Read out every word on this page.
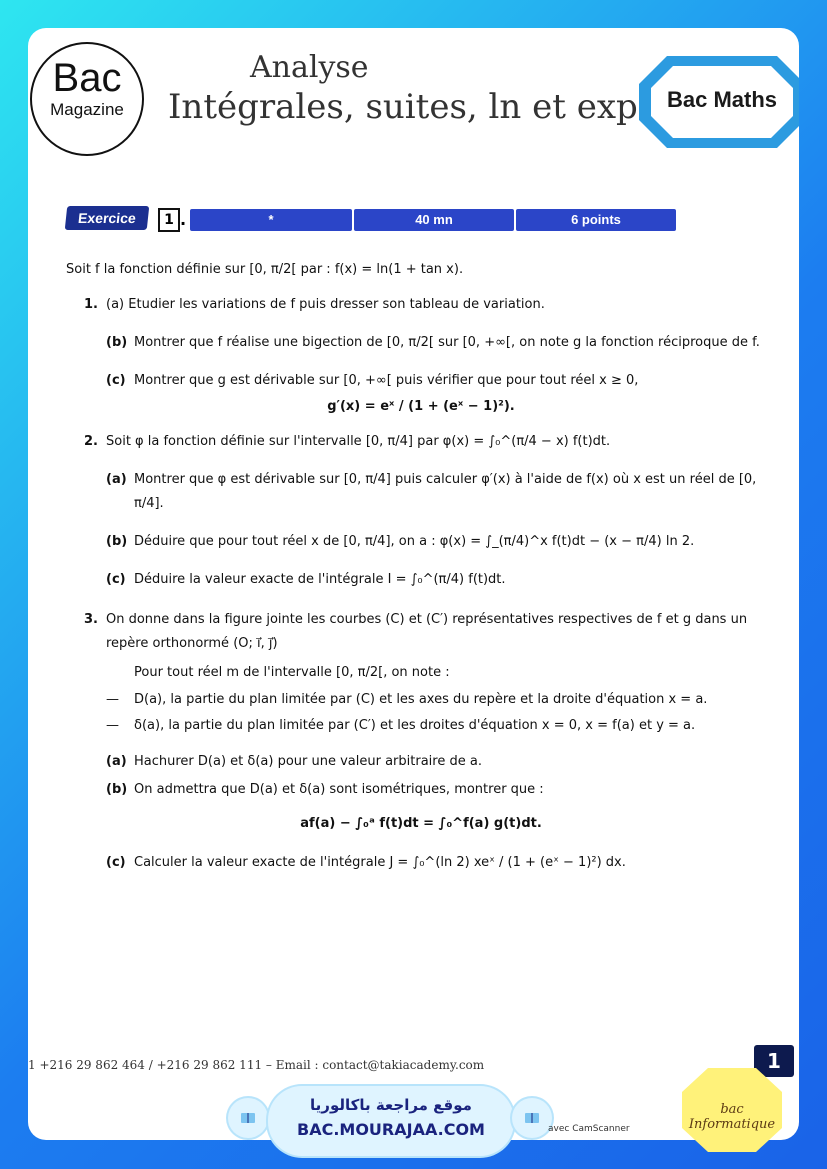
Bac
Magazine
Analyse
Intégrales, suites, ln et exp	Bac Maths
Exercice	1 .	*	40 mn	6 points

Soit f la fonction définie sur [0, π/2[ par : f(x) = ln(1 + tan x).

1. (a) Etudier les variations de f puis dresser son tableau de variation.

(b) Montrer que f réalise une bigection de [0, π/2[ sur [0, +∞[, on note g la fonction réciproque de f.

(c) Montrer que g est dérivable sur [0, +∞[ puis vérifier que pour tout réel x ≥ 0,

g′(x) = eˣ / (1 + (eˣ − 1)²).

2. Soit φ la fonction définie sur l'intervalle [0, π/4] par φ(x) = ∫₀^(π/4 − x) f(t)dt.

(a) Montrer que φ est dérivable sur [0, π/4] puis calculer φ′(x) à l'aide de f(x) où x est un réel de [0, π/4].

(b) Déduire que pour tout réel x de [0, π/4], on a : φ(x) = ∫_(π/4)^x f(t)dt − (x − π/4) ln 2.

(c) Déduire la valeur exacte de l'intégrale I = ∫₀^(π/4) f(t)dt.

3. On donne dans la figure jointe les courbes (C) et (C′) représentatives respectives de f et g dans un repère orthonormé (O; i⃗, j⃗)

Pour tout réel m de l'intervalle [0, π/2[, on note :

— D(a), la partie du plan limitée par (C) et les axes du repère et la droite d'équation x = a.

— δ(a), la partie du plan limitée par (C′) et les droites d'équation x = 0, x = f(a) et y = a.

(a) Hachurer D(a) et δ(a) pour une valeur arbitraire de a.

(b) On admettra que D(a) et δ(a) sont isométriques, montrer que :

af(a) − ∫₀ᵃ f(t)dt = ∫₀^f(a) g(t)dt.

(c) Calculer la valeur exacte de l'intégrale J = ∫₀^(ln 2) xeˣ / (1 + (eˣ − 1)²) dx.

1 +216 29 862 464 / +216 29 862 111 – Email : contact@takiacademy.com	1
موقع مراجعة باكالوريا
BAC.MOURAJAA.COM	avec CamScanner
bac Informatique
